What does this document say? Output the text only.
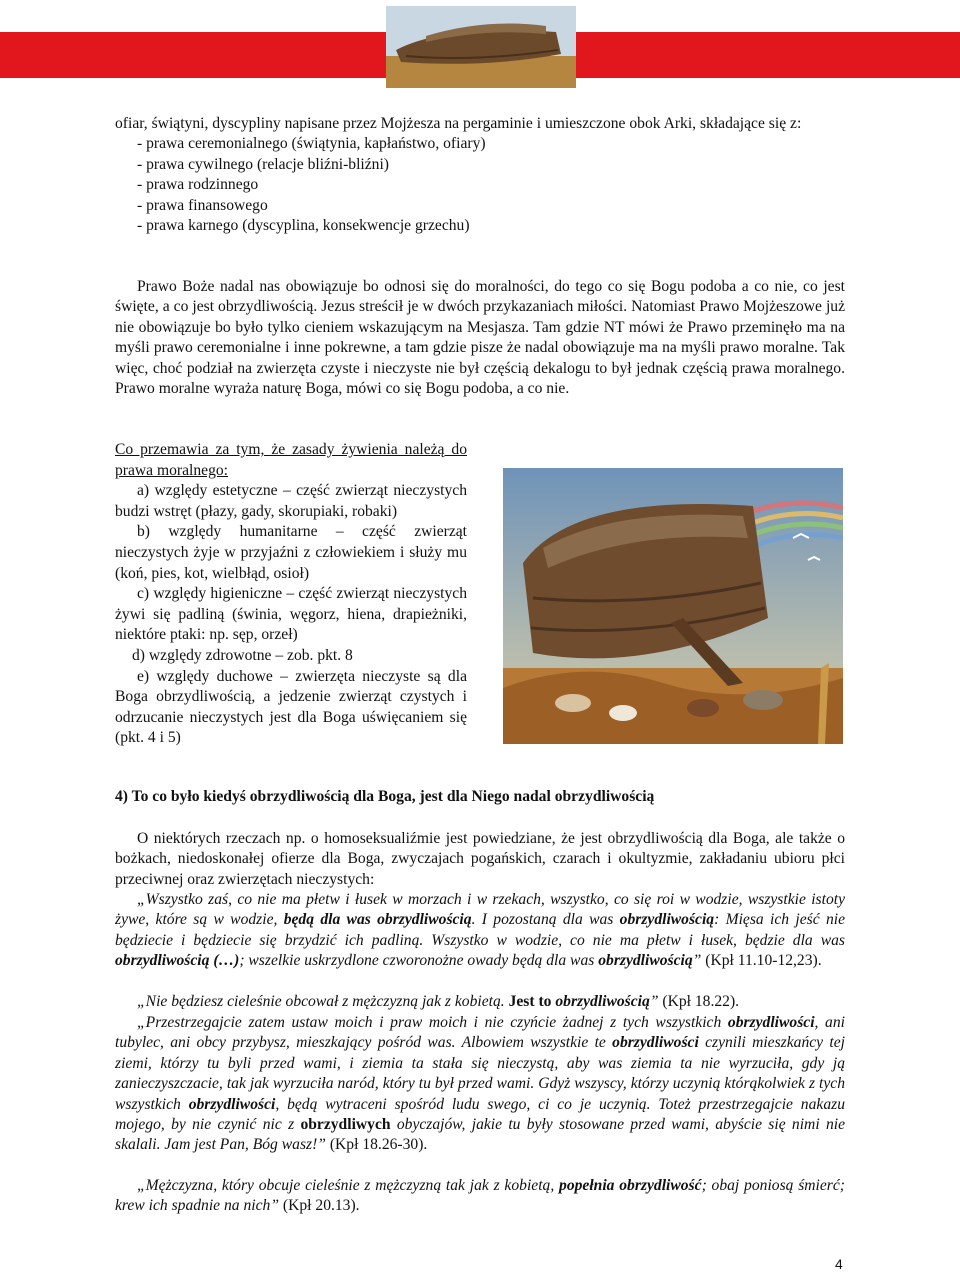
ofiar, świątyni, dyscypliny napisane przez Mojżesza na pergaminie i umieszczone obok Arki, składające się z:

- prawa ceremonialnego (świątynia, kapłaństwo, ofiary)
- prawa cywilnego (relacje bliźni-bliźni)
- prawa rodzinnego
- prawa finansowego
- prawa karnego (dyscyplina, konsekwencje grzechu)
Prawo Boże nadal nas obowiązuje bo odnosi się do moralności, do tego co się Bogu podoba a co nie, co jest święte, a co jest obrzydliwością. Jezus streścił je w dwóch przykazaniach miłości. Natomiast Prawo Mojżeszowe już nie obowiązuje bo było tylko cieniem wskazującym na Mesjasza. Tam gdzie NT mówi że Prawo przeminęło ma na myśli prawo ceremonialne i inne pokrewne, a tam gdzie pisze że nadal obowiązuje ma na myśli prawo moralne. Tak więc, choć podział na zwierzęta czyste i nieczyste nie był częścią dekalogu to był jednak częścią prawa moralnego. Prawo moralne wyraża naturę Boga, mówi co się Bogu podoba, a co nie.
Co przemawia za tym, że zasady żywienia należą do prawa moralnego:
a) względy estetyczne – część zwierząt nieczystych budzi wstręt (płazy, gady, skorupiaki, robaki)
b) względy humanitarne – część zwierząt nieczystych żyje w przyjaźni z człowiekiem i służy mu (koń, pies, kot, wielbłąd, osioł)
c) względy higieniczne – część zwierząt nieczystych żywi się padliną (świnia, węgorz, hiena, drapieżniki, niektóre ptaki: np. sęp, orzeł)
d) względy zdrowotne – zob. pkt. 8
e) względy duchowe – zwierzęta nieczyste są dla Boga obrzydliwością, a jedzenie zwierząt czystych i odrzucanie nieczystych jest dla Boga uświęcaniem się (pkt. 4 i 5)
4) To co było kiedyś obrzydliwością dla Boga, jest dla Niego nadal obrzydliwością
O niektórych rzeczach np. o homoseksualiźmie jest powiedziane, że jest obrzydliwością dla Boga, ale także o bożkach, niedoskonałej ofierze dla Boga, zwyczajach pogańskich, czarach i okultyzmie, zakładaniu ubioru płci przeciwnej oraz zwierzętach nieczystych:
„Wszystko zaś, co nie ma płetw i łusek w morzach i w rzekach, wszystko, co się roi w wodzie, wszystkie istoty żywe, które są w wodzie, będą dla was obrzydliwością. I pozostaną dla was obrzydliwością: Mięsa ich jeść nie będziecie i będziecie się brzydzić ich padliną. Wszystko w wodzie, co nie ma płetw i łusek, będzie dla was obrzydliwością (…); wszelkie uskrzydlone czworonożne owady będą dla was obrzydliwością” (Kpł 11.10-12,23).
„Nie będziesz cieleśnie obcował z mężczyzną jak z kobietą. Jest to obrzydliwością” (Kpł 18.22).
„Przestrzegajcie zatem ustaw moich i praw moich i nie czyńcie żadnej z tych wszystkich obrzydliwości, ani tubylec, ani obcy przybysz, mieszkający pośród was. Albowiem wszystkie te obrzydliwości czynili mieszkańcy tej ziemi, którzy tu byli przed wami, i ziemia ta stała się nieczystą, aby was ziemia ta nie wyrzuciła, gdy ją zanieczyszczacie, tak jak wyrzuciła naród, który tu był przed wami. Gdyż wszyscy, którzy uczynią którąkolwiek z tych wszystkich obrzydliwości, będą wytraceni spośród ludu swego, ci co je uczynią. Toteż przestrzegajcie nakazu mojego, by nie czynić nic z obrzydliwych obyczajów, jakie tu były stosowane przed wami, abyście się nimi nie skalali. Jam jest Pan, Bóg wasz!” (Kpł 18.26-30).
„Mężczyzna, który obcuje cieleśnie z mężczyzną tak jak z kobietą, popełnia obrzydliwość; obaj poniosą śmierć; krew ich spadnie na nich” (Kpł 20.13).
4
